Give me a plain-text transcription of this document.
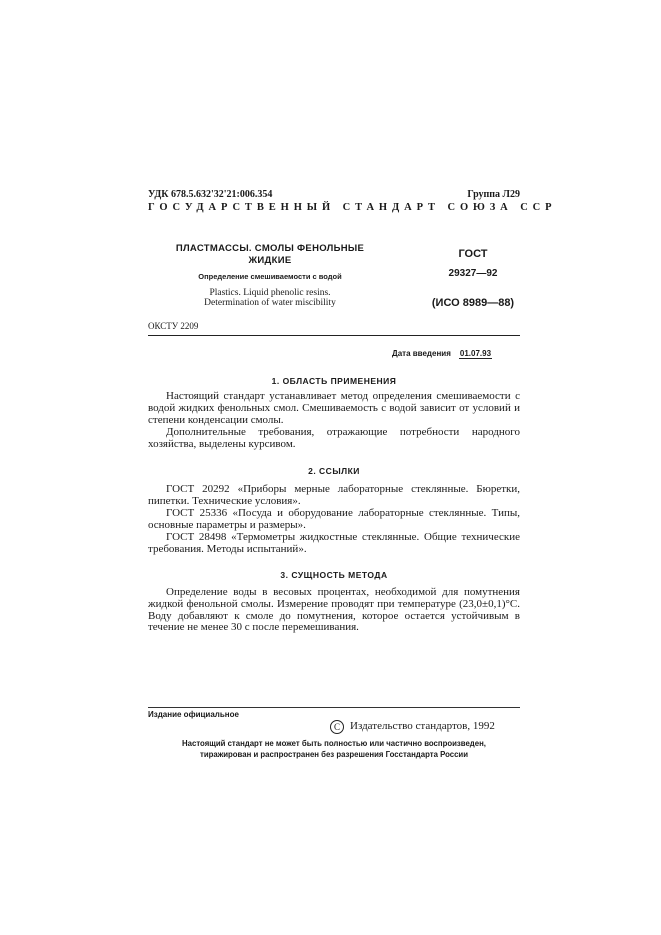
УДК 678.5.632'32'21:006.354	Группа Л29
ГОСУДАРСТВЕННЫЙ СТАНДАРТ СОЮЗА ССР
ПЛАСТМАССЫ. СМОЛЫ ФЕНОЛЬНЫЕ
ЖИДКИЕ
Определение смешиваемости с водой
Plastics. Liquid phenolic resins.
Determination of water miscibility
ГОСТ
29327—92
(ИСО 8989—88)
ОКСТУ 2209
Дата введения 01.07.93
1. ОБЛАСТЬ ПРИМЕНЕНИЯ

Настоящий стандарт устанавливает метод определения смешиваемости с водой жидких фенольных смол. Смешиваемость с водой зависит от условий и степени конденсации смолы.

Дополнительные требования, отражающие потребности народного хозяйства, выделены курсивом.

2. ССЫЛКИ

ГОСТ 20292 «Приборы мерные лабораторные стеклянные. Бюретки, пипетки. Технические условия».

ГОСТ 25336 «Посуда и оборудование лабораторные стеклянные. Типы, основные параметры и размеры».

ГОСТ 28498 «Термометры жидкостные стеклянные. Общие технические требования. Методы испытаний».

3. СУЩНОСТЬ МЕТОДА

Определение воды в весовых процентах, необходимой для помутнения жидкой фенольной смолы. Измерение проводят при температуре (23,0±0,1)°С. Воду добавляют к смоле до помутнения, которое остается устойчивым в течение не менее 30 с после перемешивания.

Издание официальное
C Издательство стандартов, 1992
Настоящий стандарт не может быть полностью или частично воспроизведен,
тиражирован и распространен без разрешения Госстандарта России
